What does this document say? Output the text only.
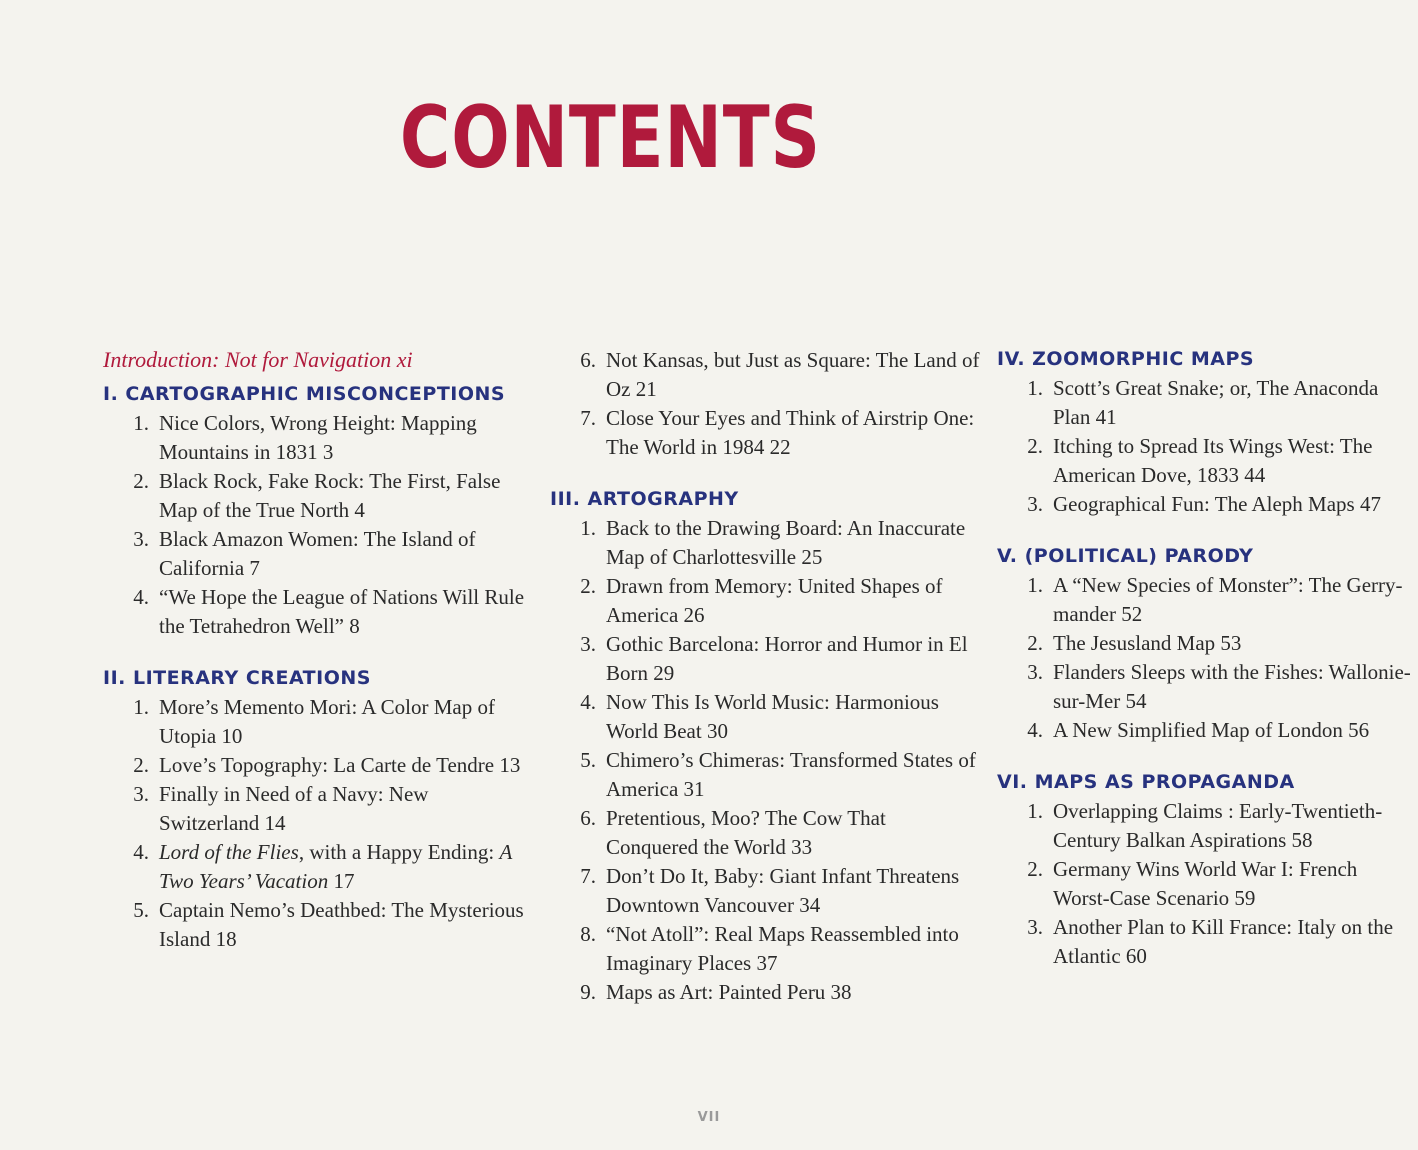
CONTENTS

Introduction: Not for Navigation xi

I. CARTOGRAPHIC MISCONCEPTIONS
1. Nice Colors, Wrong Height: Mapping Mountains in 1831 3
2. Black Rock, Fake Rock: The First, False Map of the True North 4
3. Black Amazon Women: The Island of California 7
4. “We Hope the League of Nations Will Rule the Tetrahedron Well” 8
II. LITERARY CREATIONS
1. More’s Memento Mori: A Color Map of Utopia 10
2. Love’s Topography: La Carte de Tendre 13
3. Finally in Need of a Navy: New Switzerland 14
4. Lord of the Flies, with a Happy Ending: A Two Years’ Vacation 17
5. Captain Nemo’s Deathbed: The Mysterious Island 18
6. Not Kansas, but Just as Square: The Land of Oz 21
7. Close Your Eyes and Think of Airstrip One: The World in 1984 22
III. ARTOGRAPHY
1. Back to the Drawing Board: An Inaccurate Map of Charlottesville 25
2. Drawn from Memory: United Shapes of America 26
3. Gothic Barcelona: Horror and Humor in El Born 29
4. Now This Is World Music: Harmonious World Beat 30
5. Chimero’s Chimeras: Transformed States of America 31
6. Pretentious, Moo? The Cow That Conquered the World 33
7. Don’t Do It, Baby: Giant Infant Threatens Downtown Vancouver 34
8. “Not Atoll”: Real Maps Reassembled into Imaginary Places 37
9. Maps as Art: Painted Peru 38
IV. ZOOMORPHIC MAPS
1. Scott’s Great Snake; or, The Anaconda Plan 41
2. Itching to Spread Its Wings West: The American Dove, 1833 44
3. Geographical Fun: The Aleph Maps 47
V. (POLITICAL) PARODY
1. A “New Species of Monster”: The Gerry-mander 52
2. The Jesusland Map 53
3. Flanders Sleeps with the Fishes: Wallonie-sur-Mer 54
4. A New Simplified Map of London 56
VI. MAPS AS PROPAGANDA
1. Overlapping Claims : Early-Twentieth-Century Balkan Aspirations 58
2. Germany Wins World War I: French Worst-Case Scenario 59
3. Another Plan to Kill France: Italy on the Atlantic 60
VII
